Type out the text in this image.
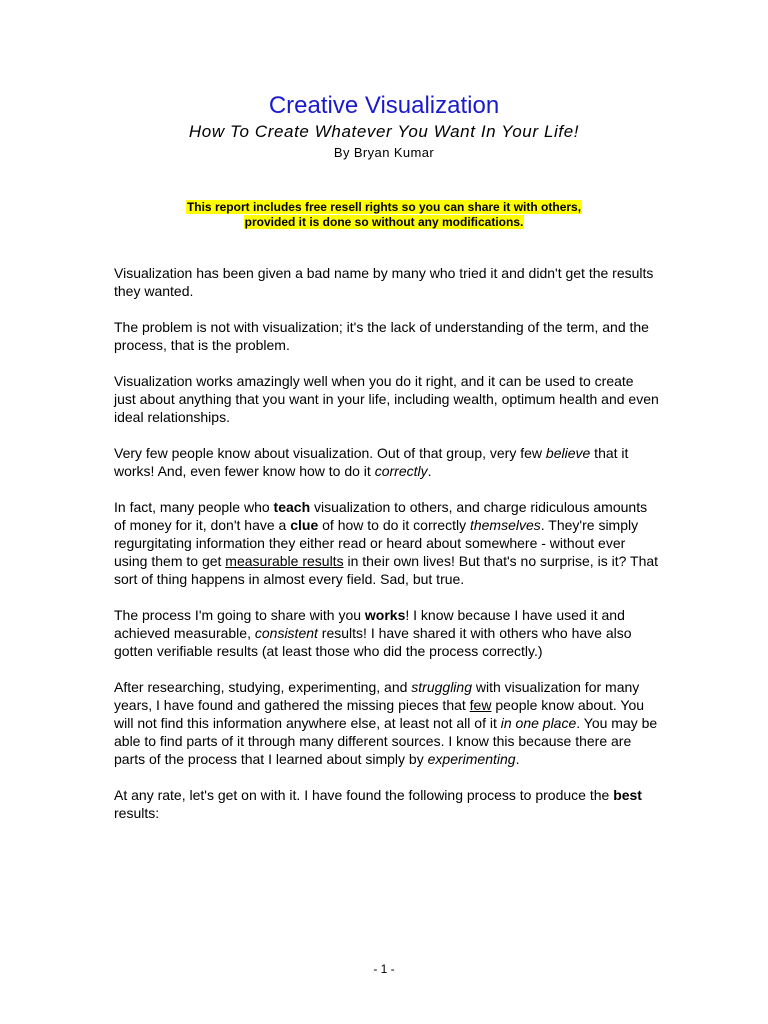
Creative Visualization
How To Create Whatever You Want In Your Life!
By Bryan Kumar
This report includes free resell rights so you can share it with others,
provided it is done so without any modifications.

Visualization has been given a bad name by many who tried it and didn't get the results they wanted.

The problem is not with visualization; it's the lack of understanding of the term, and the process, that is the problem.

Visualization works amazingly well when you do it right, and it can be used to create just about anything that you want in your life, including wealth, optimum health and even ideal relationships.

Very few people know about visualization. Out of that group, very few believe that it works! And, even fewer know how to do it correctly.

In fact, many people who teach visualization to others, and charge ridiculous amounts of money for it, don't have a clue of how to do it correctly themselves. They're simply regurgitating information they either read or heard about somewhere - without ever using them to get measurable results in their own lives! But that's no surprise, is it? That sort of thing happens in almost every field. Sad, but true.

The process I'm going to share with you works! I know because I have used it and achieved measurable, consistent results! I have shared it with others who have also gotten verifiable results (at least those who did the process correctly.)

After researching, studying, experimenting, and struggling with visualization for many years, I have found and gathered the missing pieces that few people know about. You will not find this information anywhere else, at least not all of it in one place. You may be able to find parts of it through many different sources. I know this because there are parts of the process that I learned about simply by experimenting.

At any rate, let's get on with it. I have found the following process to produce the best results:

- 1 -
